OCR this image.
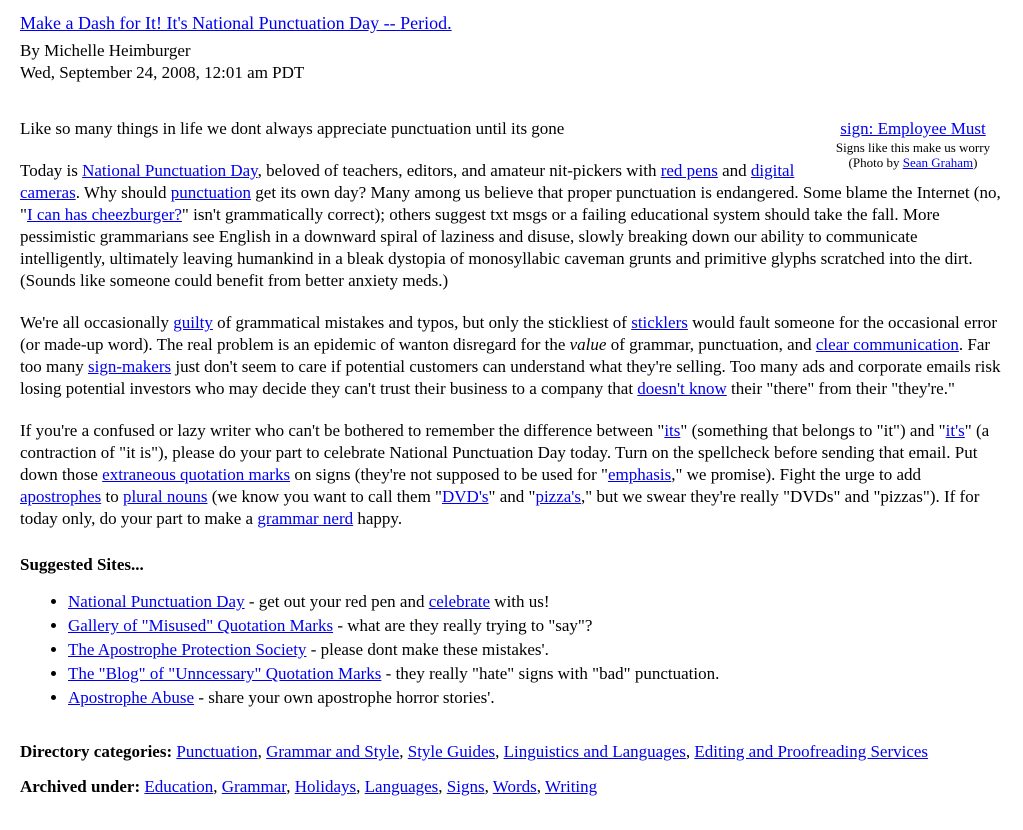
Make a Dash for It! It's National Punctuation Day -- Period.
By Michelle Heimburger
Wed, September 24, 2008, 12:01 am PDT

sign: Employee Must
Signs like this make us worry
(Photo by Sean Graham)
Like so many things in life we dont always appreciate punctuation until its gone

Today is National Punctuation Day, beloved of teachers, editors, and amateur nit-pickers with red pens and digital cameras. Why should punctuation get its own day? Many among us believe that proper punctuation is endangered. Some blame the Internet (no, "I can has cheezburger?" isn't grammatically correct); others suggest txt msgs or a failing educational system should take the fall. More pessimistic grammarians see English in a downward spiral of laziness and disuse, slowly breaking down our ability to communicate intelligently, ultimately leaving humankind in a bleak dystopia of monosyllabic caveman grunts and primitive glyphs scratched into the dirt. (Sounds like someone could benefit from better anxiety meds.)

We're all occasionally guilty of grammatical mistakes and typos, but only the stickliest of sticklers would fault someone for the occasional error (or made-up word). The real problem is an epidemic of wanton disregard for the value of grammar, punctuation, and clear communication. Far too many sign-makers just don't seem to care if potential customers can understand what they're selling. Too many ads and corporate emails risk losing potential investors who may decide they can't trust their business to a company that doesn't know their "there" from their "they're."

If you're a confused or lazy writer who can't be bothered to remember the difference between "its" (something that belongs to "it") and "it's" (a contraction of "it is"), please do your part to celebrate National Punctuation Day today. Turn on the spellcheck before sending that email. Put down those extraneous quotation marks on signs (they're not supposed to be used for "emphasis," we promise). Fight the urge to add apostrophes to plural nouns (we know you want to call them "DVD's" and "pizza's," but we swear they're really "DVDs" and "pizzas"). If for today only, do your part to make a grammar nerd happy.

Suggested Sites...

• National Punctuation Day - get out your red pen and celebrate with us!
• Gallery of "Misused" Quotation Marks - what are they really trying to "say"?
• The Apostrophe Protection Society - please dont make these mistakes'.
• The "Blog" of "Unncessary" Quotation Marks - they really "hate" signs with "bad" punctuation.
• Apostrophe Abuse - share your own apostrophe horror stories'.

Directory categories: Punctuation, Grammar and Style, Style Guides, Linguistics and Languages, Editing and Proofreading Services

Archived under: Education, Grammar, Holidays, Languages, Signs, Words, Writing
